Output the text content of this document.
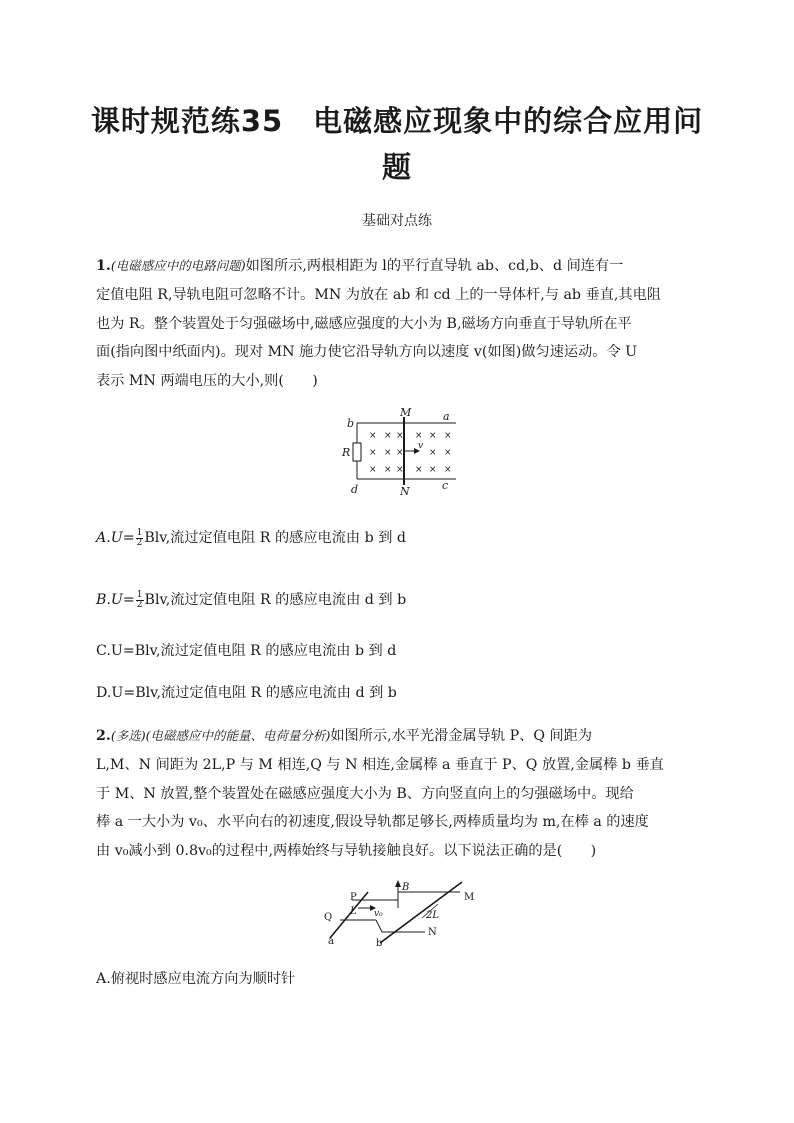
课时规范练35　电磁感应现象中的综合应用问
题
基础对点练
1.(电磁感应中的电路问题)如图所示,两根相距为 l的平行直导轨 ab、cd,b、d 间连有一
定值电阻 R,导轨电阻可忽略不计。MN 为放在 ab 和 cd 上的一导体杆,与 ab 垂直,其电阻
也为 R。整个装置处于匀强磁场中,磁感应强度的大小为 B,磁场方向垂直于导轨所在平
面(指向图中纸面内)。现对 MN 施力使它沿导轨方向以速度 v(如图)做匀速运动。令 U
表示 MN 两端电压的大小,则(　　)
× × × × × ×
× × ×	× ×
× × × × × ×
b
d
R
M
N
a
c
v
$A.U= \frac{1}{2}$ Blv,流过定值电阻 R 的感应电流由 b 到 d
$B.U= \frac{1}{2}$ Blv,流过定值电阻 R 的感应电流由 d 到 b
C.U=Blv,流过定值电阻 R 的感应电流由 b 到 d
D.U=Blv,流过定值电阻 R 的感应电流由 d 到 b
2.(多选)(电磁感应中的能量、电荷量分析)如图所示,水平光滑金属导轨 P、Q 间距为
L,M、N 间距为 2L,P 与 M 相连,Q 与 N 相连,金属棒 a 垂直于 P、Q 放置,金属棒 b 垂直
于 M、N 放置,整个装置处在磁感应强度大小为 B、方向竖直向上的匀强磁场中。现给
棒 a 一大小为 v₀、水平向右的初速度,假设导轨都足够长,两棒质量均为 m,在棒 a 的速度
由 v₀减小到 0.8v₀的过程中,两棒始终与导轨接触良好。以下说法正确的是(　　)
P
Q
M
N
B
L	2L
v₀
a	b
A.俯视时感应电流方向为顺时针
